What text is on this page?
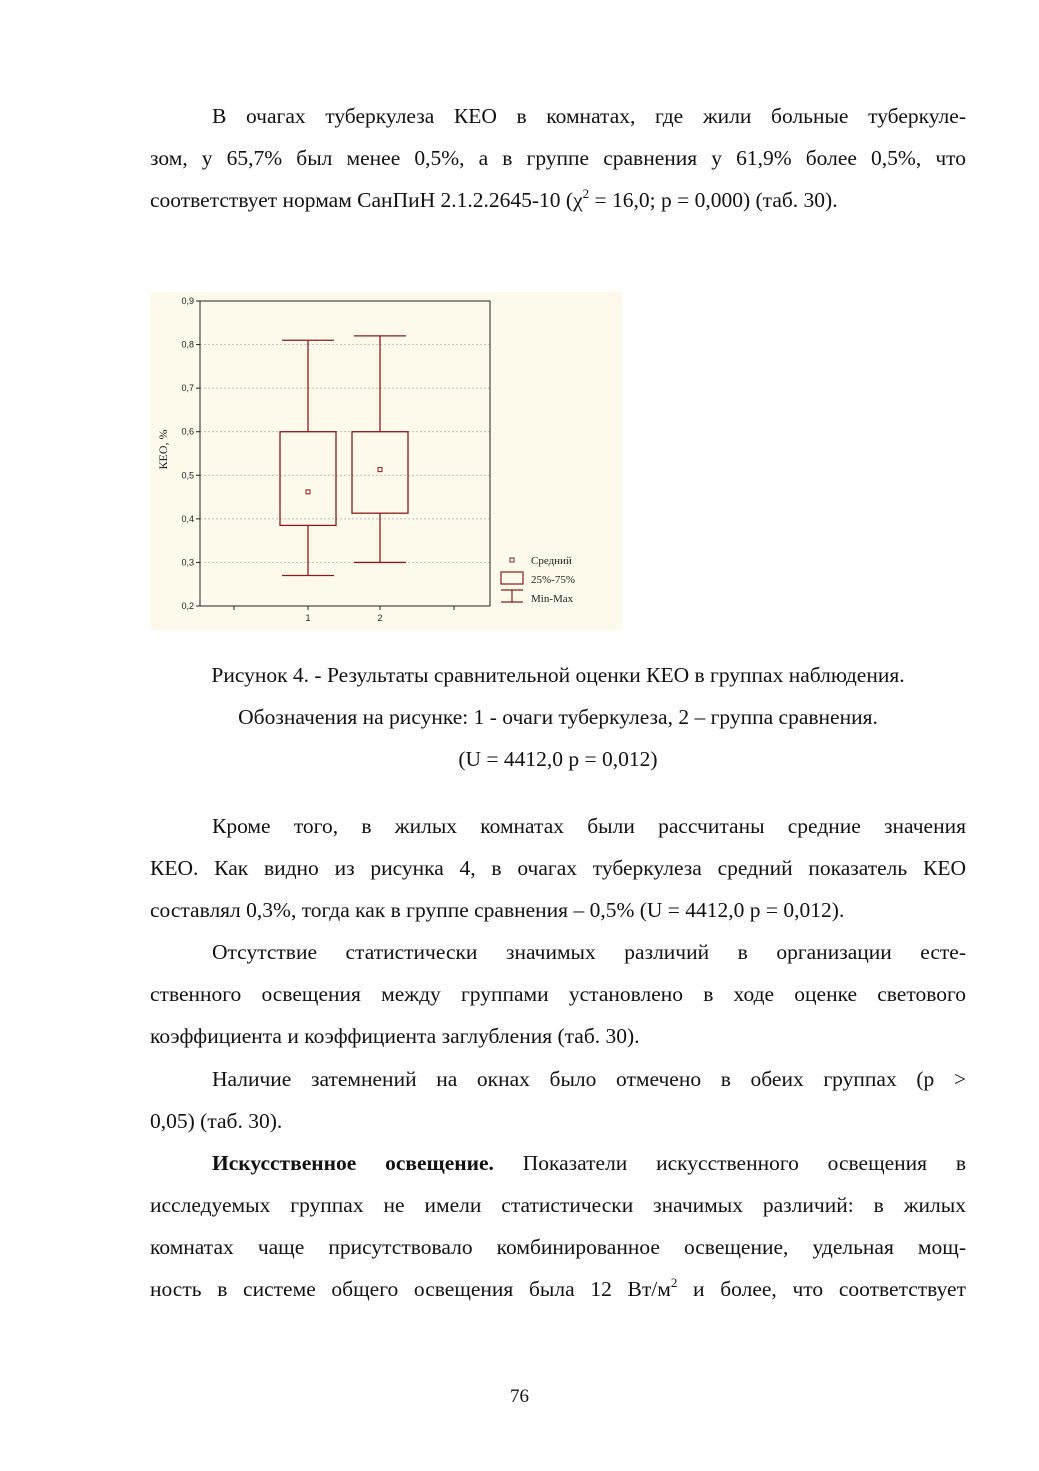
В очагах туберкулеза КЕО в комнатах, где жили больные туберкуле-
зом, у 65,7% был менее 0,5%, а в группе сравнения у 61,9% более 0,5%, что
соответствует нормам СанПиН 2.1.2.2645-10 ($\chi^2 = 16,0$; р = 0,000) (таб. 30).
0,2
0,3
0,4
0,5
0,6
0,7
0,8
0,9
1	2
КЕО, %
Средний
25%-75%
Min-Max
Рисунок 4. - Результаты сравнительной оценки КЕО в группах наблюдения.
Обозначения на рисунке: 1 - очаги туберкулеза, 2 – группа сравнения.
(U = 4412,0 р = 0,012)
Кроме того, в жилых комнатах были рассчитаны средние значения
КЕО. Как видно из рисунка 4, в очагах туберкулеза средний показатель КЕО
составлял 0,3%, тогда как в группе сравнения – 0,5% (U = 4412,0 р = 0,012).
Отсутствие статистически значимых различий в организации есте-
ственного освещения между группами установлено в ходе оценке светового
коэффициента и коэффициента заглубления (таб. 30).
Наличие затемнений на окнах было отмечено в обеих группах (р >
0,05) (таб. 30).
Искусственное освещение. Показатели искусственного освещения в
исследуемых группах не имели статистически значимых различий: в жилых
комнатах чаще присутствовало комбинированное освещение, удельная мощ-
ность в системе общего освещения была 12 $Вт/м^2$ и более, что соответствует
76
